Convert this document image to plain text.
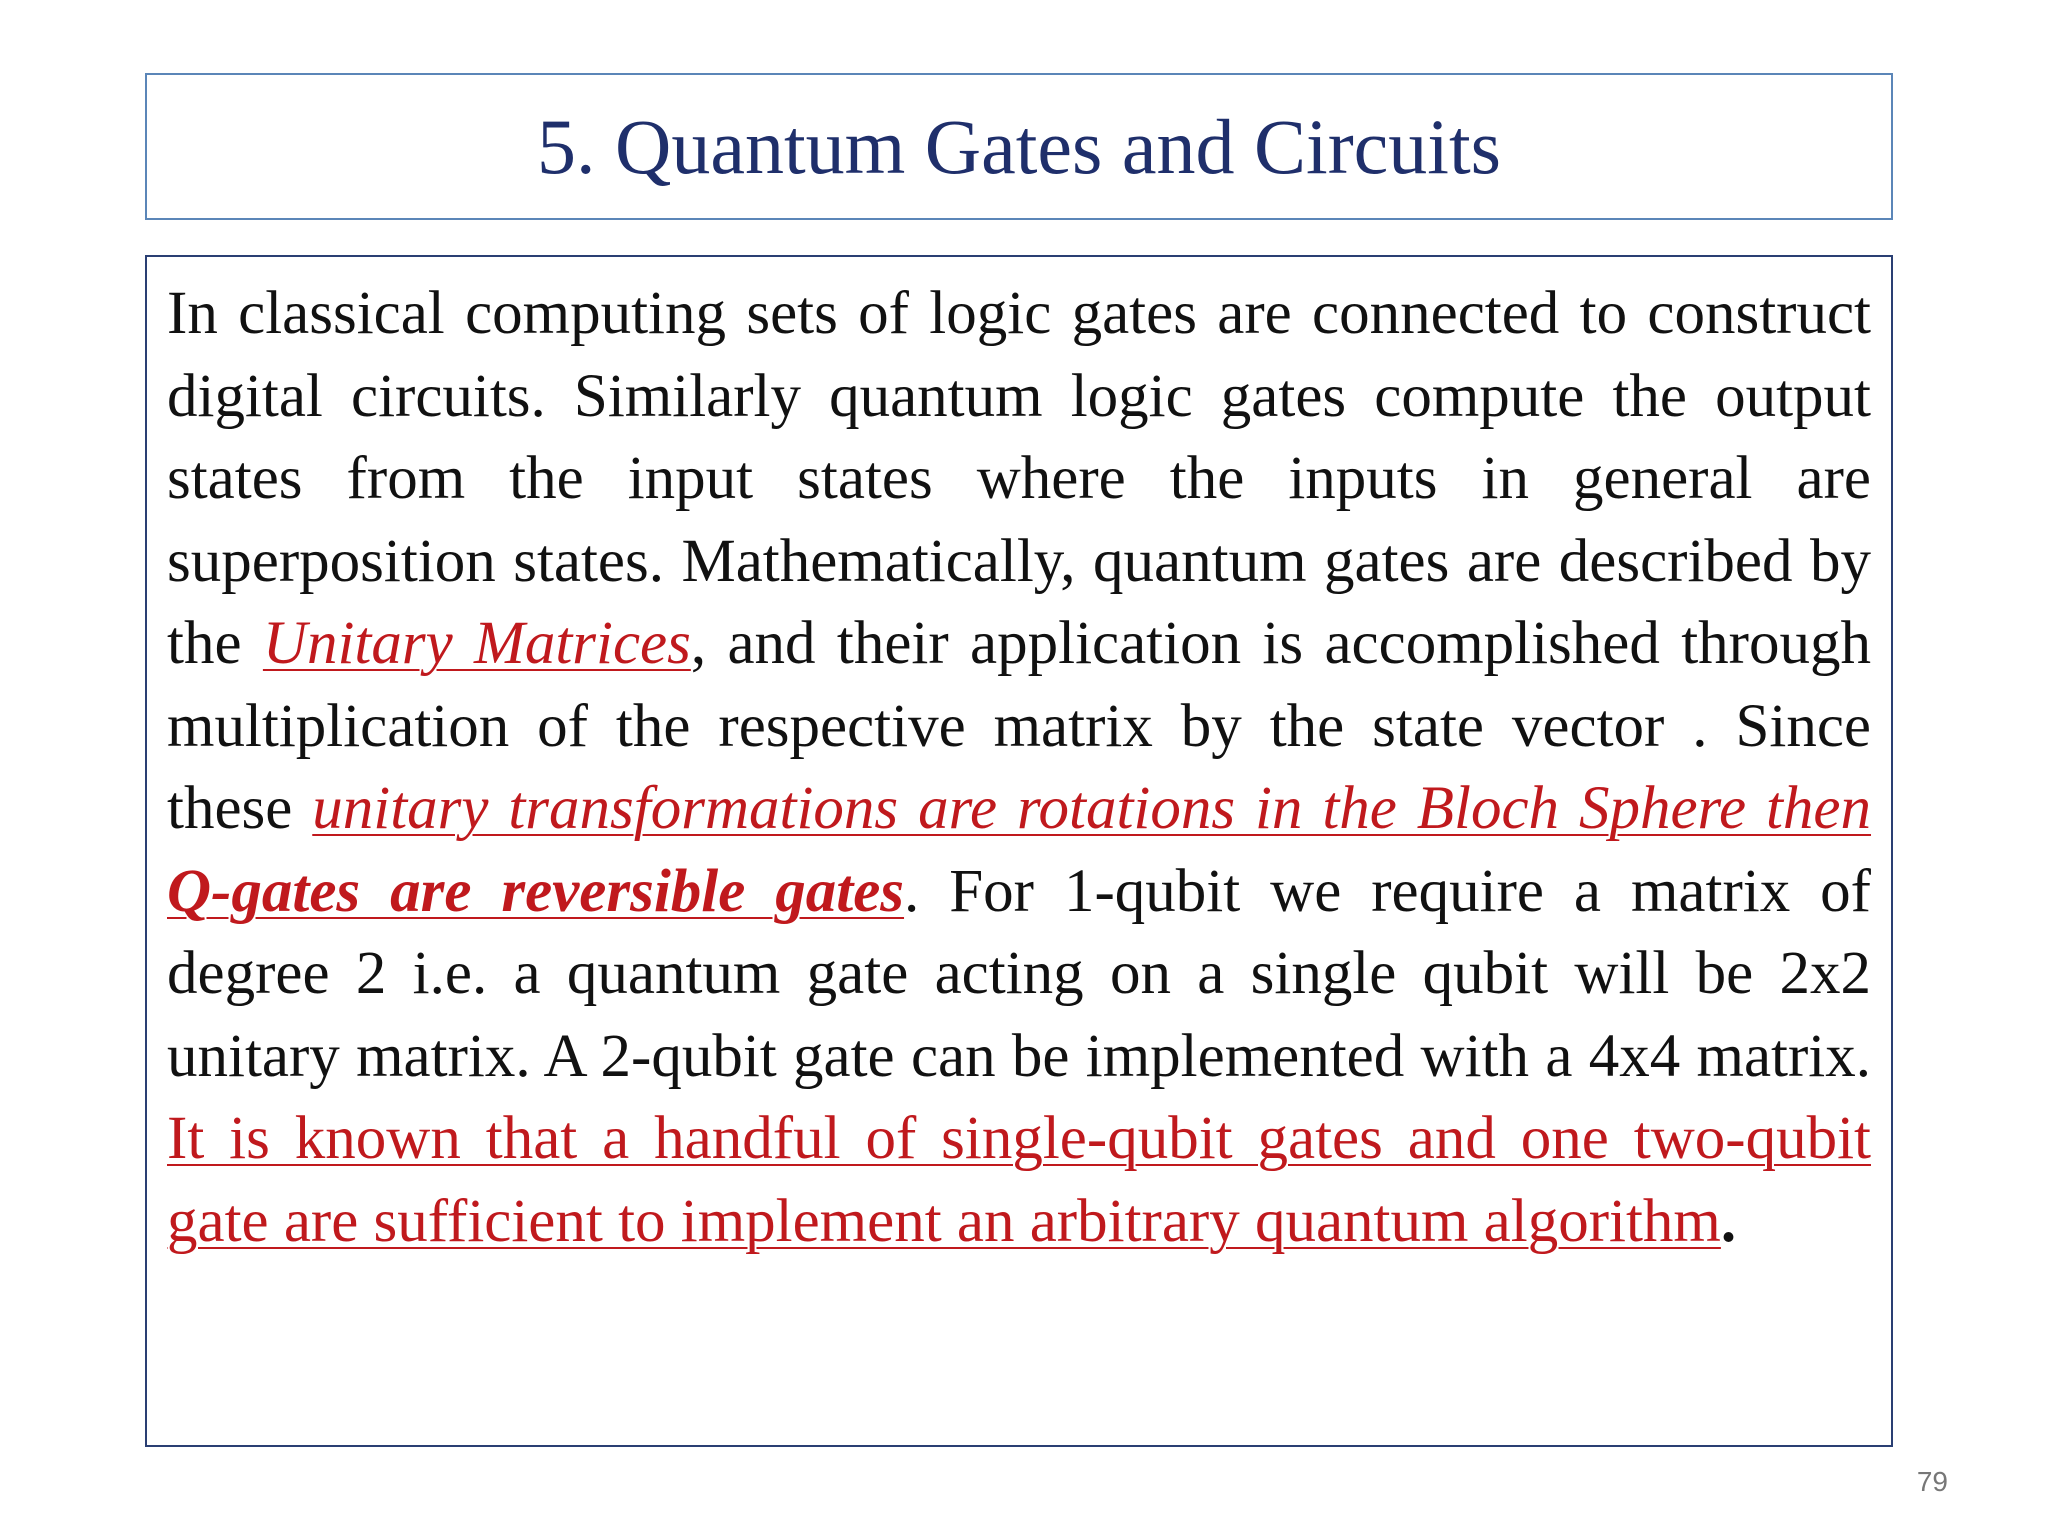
5. Quantum Gates and Circuits

In classical computing sets of logic gates are connected to construct digital circuits. Similarly quantum logic gates compute the output states from the input states where the inputs in general are superposition states. Mathematically, quantum gates are described by the Unitary Matrices, and their application is accomplished through multiplication of the respective matrix by the state vector . Since these unitary transformations are rotations in the Bloch Sphere then Q-gates are reversible gates. For 1-qubit we require a matrix of degree 2 i.e. a quantum gate acting on a single qubit will be 2x2 unitary matrix. A 2-qubit gate can be implemented with a 4x4 matrix. It is known that a handful of single-qubit gates and one two-qubit gate are sufficient to implement an arbitrary quantum algorithm.

79
